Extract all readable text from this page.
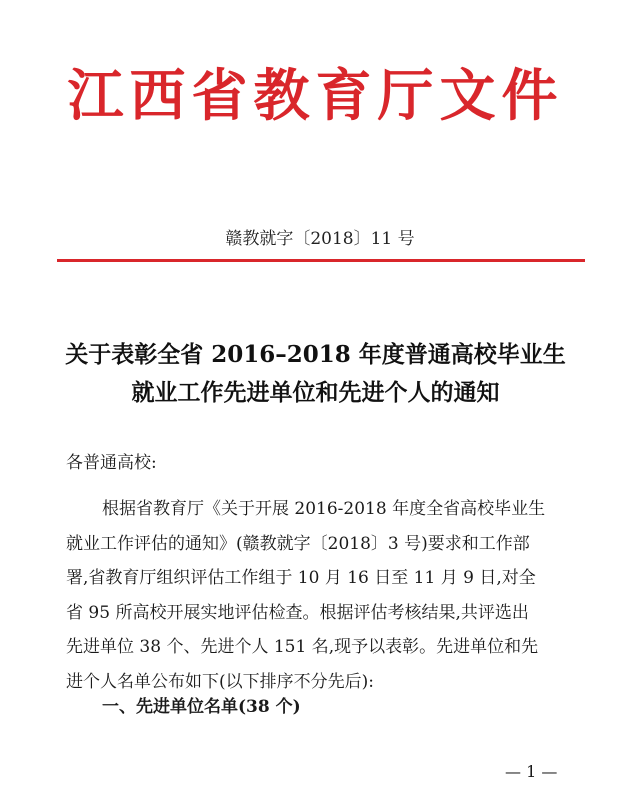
江西省教育厅文件
赣教就字〔2018〕11 号
关于表彰全省 2016–2018 年度普通高校毕业生
就业工作先进单位和先进个人的通知
各普通高校:
根据省教育厅《关于开展 2016-2018 年度全省高校毕业生
就业工作评估的通知》(赣教就字〔2018〕3 号)要求和工作部
署,省教育厅组织评估工作组于 10 月 16 日至 11 月 9 日,对全
省 95 所高校开展实地评估检查。根据评估考核结果,共评选出
先进单位 38 个、先进个人 151 名,现予以表彰。先进单位和先
进个人名单公布如下(以下排序不分先后):
一、先进单位名单(38 个)
— 1 —
